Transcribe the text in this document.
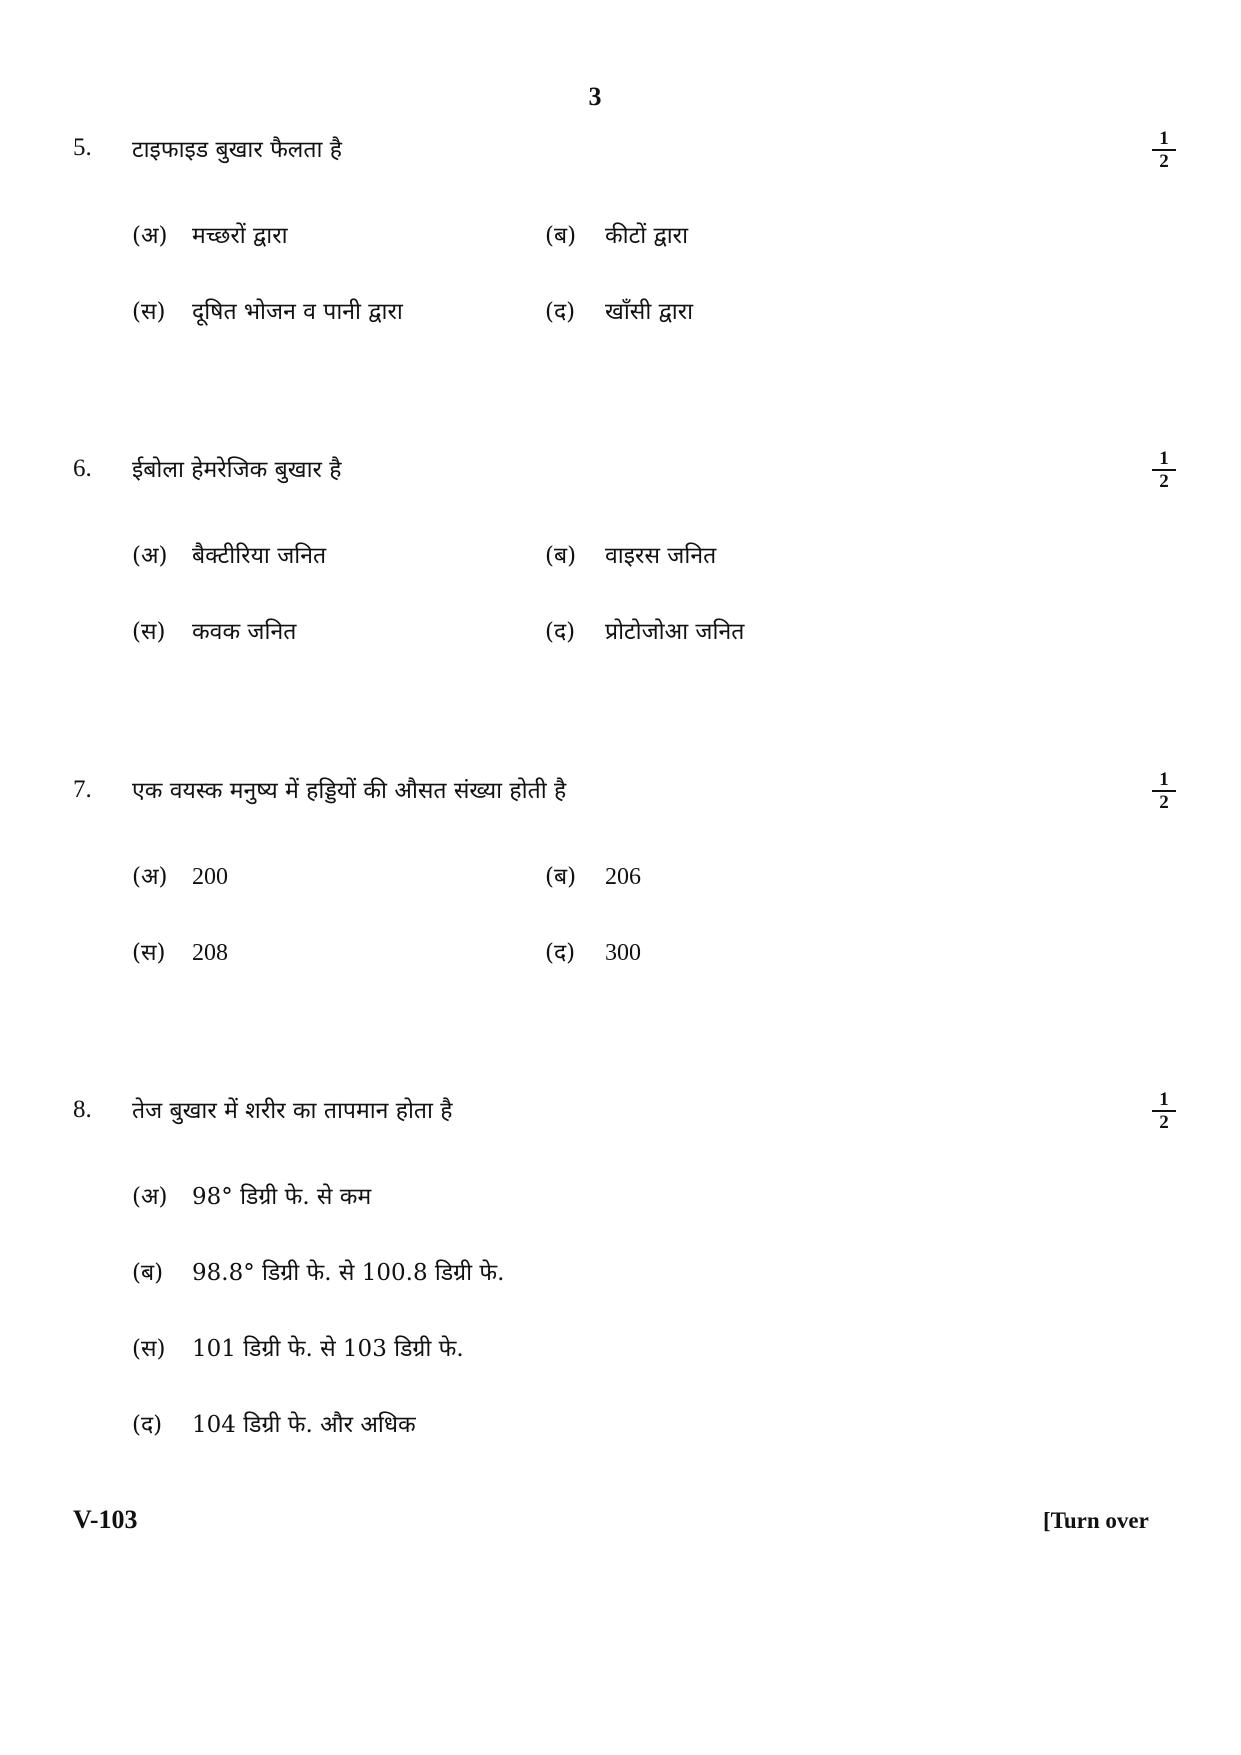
3
5. टाइफाइड बुखार फैलता है	$\frac{1}{2}$
(अ) मच्छरों द्वारा	(ब) कीटों द्वारा
(स) दूषित भोजन व पानी द्वारा	(द) खाँसी द्वारा
6. ईबोला हेमरेजिक बुखार है	$\frac{1}{2}$
(अ) बैक्टीरिया जनित	(ब) वाइरस जनित
(स) कवक जनित	(द) प्रोटोजोआ जनित
7. एक वयस्क मनुष्य में हड्डियों की औसत संख्या होती है	$\frac{1}{2}$
(अ) 200	(ब) 206
(स) 208	(द) 300
8. तेज बुखार में शरीर का तापमान होता है	$\frac{1}{2}$
(अ) 98° डिग्री फे. से कम
(ब) 98.8° डिग्री फे. से 100.8 डिग्री फे.
(स) 101 डिग्री फे. से 103 डिग्री फे.
(द) 104 डिग्री फे. और अधिक
V-103	[Turn over
